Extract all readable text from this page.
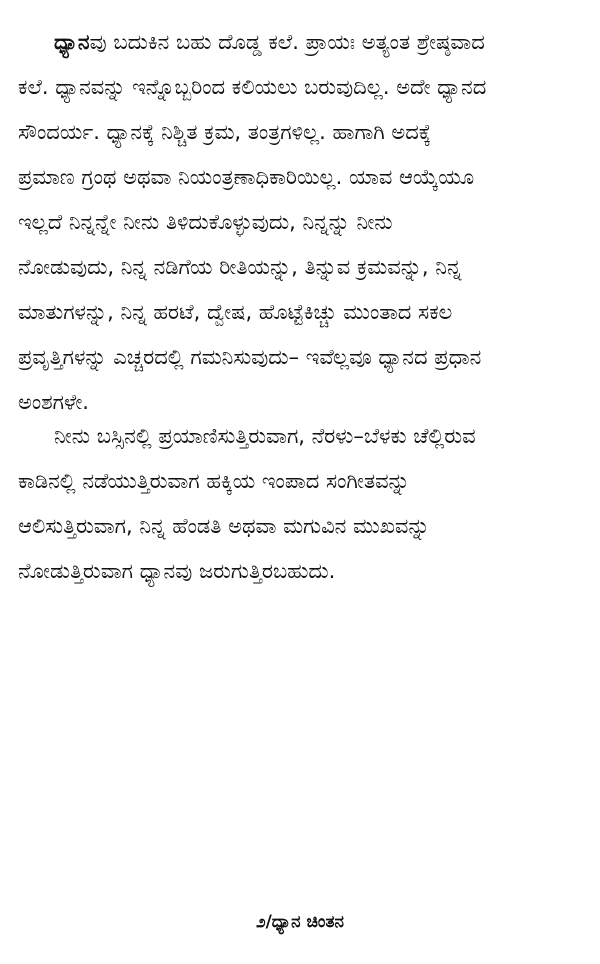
ಧ್ಯಾನವು ಬದುಕಿನ ಬಹು ದೊಡ್ಡ ಕಲೆ. ಪ್ರಾಯಃ ಅತ್ಯಂತ ಶ್ರೇಷ್ಠವಾದ
ಕಲೆ. ಧ್ಯಾನವನ್ನು ಇನ್ನೊಬ್ಬರಿಂದ ಕಲಿಯಲು ಬರುವುದಿಲ್ಲ. ಅದೇ ಧ್ಯಾನದ
ಸೌಂದರ್ಯ. ಧ್ಯಾನಕ್ಕೆ ನಿಶ್ಚಿತ ಕ್ರಮ, ತಂತ್ರಗಳಿಲ್ಲ. ಹಾಗಾಗಿ ಅದಕ್ಕೆ
ಪ್ರಮಾಣ ಗ್ರಂಥ ಅಥವಾ ನಿಯಂತ್ರಣಾಧಿಕಾರಿಯಿಲ್ಲ. ಯಾವ ಆಯ್ಕೆಯೂ
ಇಲ್ಲದೆ ನಿನ್ನನ್ನೇ ನೀನು ತಿಳಿದುಕೊಳ್ಳುವುದು, ನಿನ್ನನ್ನು ನೀನು
ನೋಡುವುದು, ನಿನ್ನ ನಡಿಗೆಯ ರೀತಿಯನ್ನು, ತಿನ್ನುವ ಕ್ರಮವನ್ನು, ನಿನ್ನ
ಮಾತುಗಳನ್ನು, ನಿನ್ನ ಹರಟೆ, ದ್ವೇಷ, ಹೊಟ್ಟೆಕಿಚ್ಚು ಮುಂತಾದ ಸಕಲ
ಪ್ರವೃತ್ತಿಗಳನ್ನು ಎಚ್ಚರದಲ್ಲಿ ಗಮನಿಸುವುದು– ಇವೆಲ್ಲವೂ ಧ್ಯಾನದ ಪ್ರಧಾನ
ಅಂಶಗಳೇ.
ನೀನು ಬಸ್ಸಿನಲ್ಲಿ ಪ್ರಯಾಣಿಸುತ್ತಿರುವಾಗ, ನೆರಳು–ಬೆಳಕು ಚೆಲ್ಲಿರುವ
ಕಾಡಿನಲ್ಲಿ ನಡೆಯುತ್ತಿರುವಾಗ ಹಕ್ಕಿಯ ಇಂಪಾದ ಸಂಗೀತವನ್ನು
ಆಲಿಸುತ್ತಿರುವಾಗ, ನಿನ್ನ ಹೆಂಡತಿ ಅಥವಾ ಮಗುವಿನ ಮುಖವನ್ನು
ನೋಡುತ್ತಿರುವಾಗ ಧ್ಯಾನವು ಜರುಗುತ್ತಿರಬಹುದು.
೨/ಧ್ಯಾನ ಚಿಂತನ
